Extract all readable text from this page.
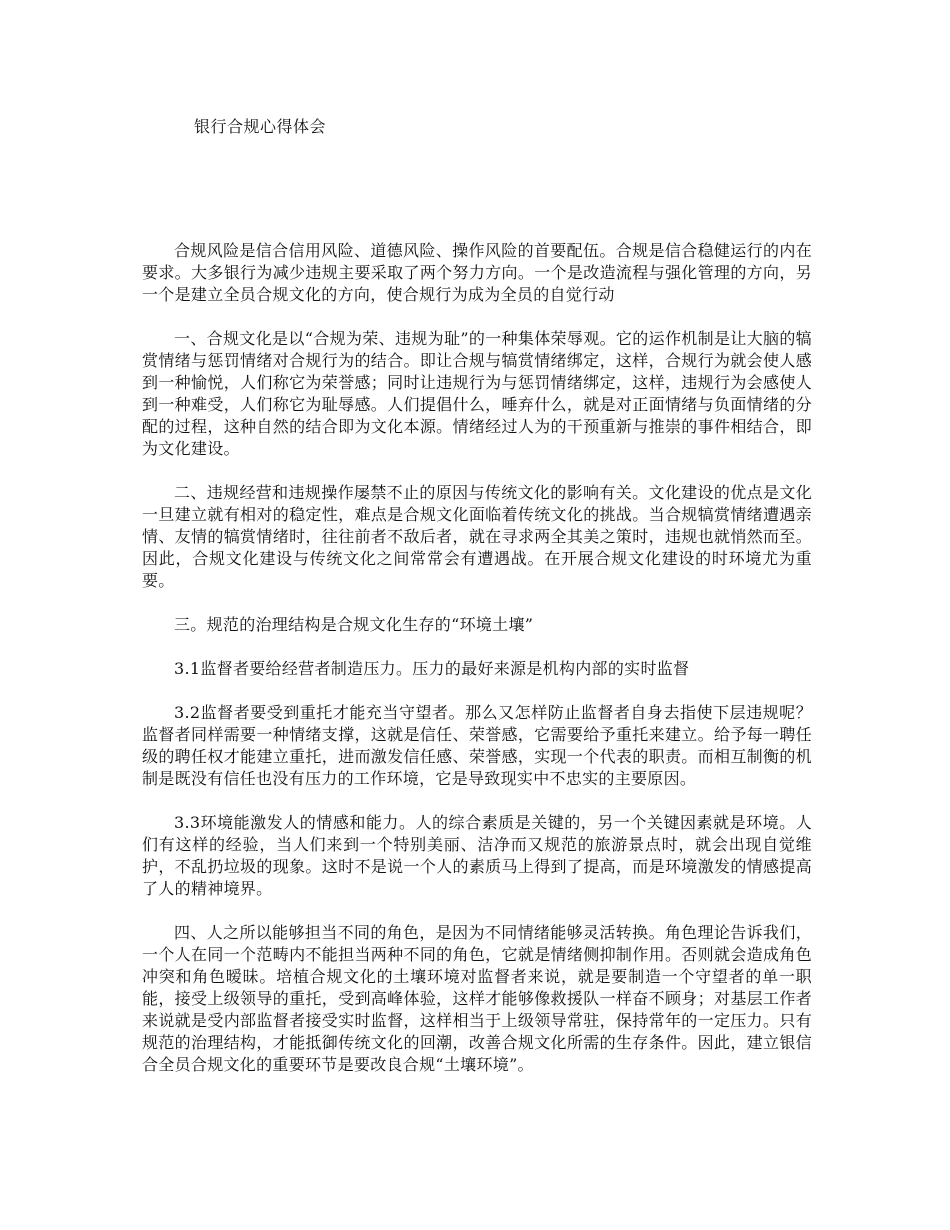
银行合规心得体会

合规风险是信合信用风险、道德风险、操作风险的首要配伍。合规是信合稳健运行的内在要求。大多银行为减少违规主要采取了两个努力方向。一个是改造流程与强化管理的方向，另一个是建立全员合规文化的方向，使合规行为成为全员的自觉行动

一、合规文化是以“合规为荣、违规为耻”的一种集体荣辱观。它的运作机制是让大脑的犒赏情绪与惩罚情绪对合规行为的结合。即让合规与犒赏情绪绑定，这样，合规行为就会使人感到一种愉悦，人们称它为荣誉感；同时让违规行为与惩罚情绪绑定，这样，违规行为会感使人到一种难受，人们称它为耻辱感。人们提倡什么，唾弃什么，就是对正面情绪与负面情绪的分配的过程，这种自然的结合即为文化本源。情绪经过人为的干预重新与推崇的事件相结合，即为文化建设。

二、违规经营和违规操作屡禁不止的原因与传统文化的影响有关。文化建设的优点是文化一旦建立就有相对的稳定性，难点是合规文化面临着传统文化的挑战。当合规犒赏情绪遭遇亲情、友情的犒赏情绪时，往往前者不敌后者，就在寻求两全其美之策时，违规也就悄然而至。因此，合规文化建设与传统文化之间常常会有遭遇战。在开展合规文化建设的时环境尤为重要。

三。规范的治理结构是合规文化生存的“环境土壤”

3.1监督者要给经营者制造压力。压力的最好来源是机构内部的实时监督

3.2监督者要受到重托才能充当守望者。那么又怎样防止监督者自身去指使下层违规呢？监督者同样需要一种情绪支撑，这就是信任、荣誉感，它需要给予重托来建立。给予每一聘任级的聘任权才能建立重托，进而激发信任感、荣誉感，实现一个代表的职责。而相互制衡的机制是既没有信任也没有压力的工作环境，它是导致现实中不忠实的主要原因。

3.3环境能激发人的情感和能力。人的综合素质是关键的，另一个关键因素就是环境。人们有这样的经验，当人们来到一个特别美丽、洁净而又规范的旅游景点时，就会出现自觉维护，不乱扔垃圾的现象。这时不是说一个人的素质马上得到了提高，而是环境激发的情感提高了人的精神境界。

四、人之所以能够担当不同的角色，是因为不同情绪能够灵活转换。角色理论告诉我们，一个人在同一个范畴内不能担当两种不同的角色，它就是情绪侧抑制作用。否则就会造成角色冲突和角色暧昧。培植合规文化的土壤环境对监督者来说，就是要制造一个守望者的单一职能，接受上级领导的重托，受到高峰体验，这样才能够像救援队一样奋不顾身；对基层工作者来说就是受内部监督者接受实时监督，这样相当于上级领导常驻，保持常年的一定压力。只有规范的治理结构，才能抵御传统文化的回潮，改善合规文化所需的生存条件。因此，建立银信合全员合规文化的重要环节是要改良合规“土壤环境”。
